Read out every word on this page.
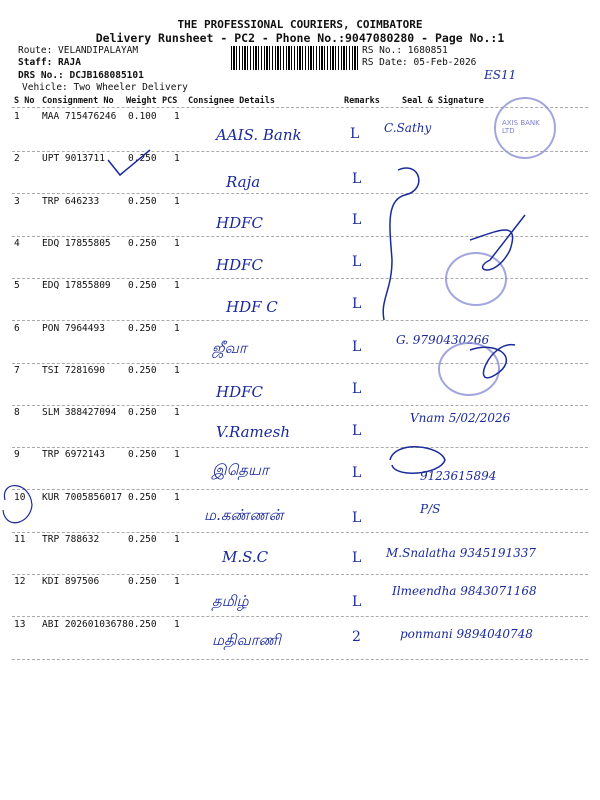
THE PROFESSIONAL COURIERS, COIMBATORE
Delivery Runsheet - PC2 - Phone No.:9047080280 - Page No.:1
Route: VELANDIPALAYAM
Staff: RAJA
DRS No.: DCJB168085101
Vehicle: Two Wheeler Delivery
RS No.: 1680851
RS Date: 05-Feb-2026
ES11
S No Consignment No Weight PCS Consignee Details	Remarks	Seal & Signature
1 MAA 715476246 0.100 1
AAIS. Bank	L C.Sathy
2 UPT 9013711 0.250 1
Raja	L
3 TRP 646233	0.250 1
HDFC	L
4 EDQ 17855805 0.250 1
HDFC	L
5 EDQ 17855809 0.250 1
HDF C	L
6 PON 7964493 0.250 1
ஜீவா	L	G. 9790430266
7 TSI 7281690 0.250 1
HDFC	L
8 SLM 388427094 0.250 1
V.Ramesh	L
Vnam 5/02/2026
9 TRP 6972143 0.250 1
இதெயா	L	9123615894
10 KUR 7005856017 0.250 1
ம.கண்ணன்	L
P/S
11 TRP 788632	0.250 1
M.S.C	L M.Snalatha 9345191337
12 KDI 897506	0.250 1
தமிழ்	L
Ilmeendha 9843071168
13 ABI 20260103678 0.250 1
மதிவாணி	2	ponmani 9894040748
AXIS BANK LTD
